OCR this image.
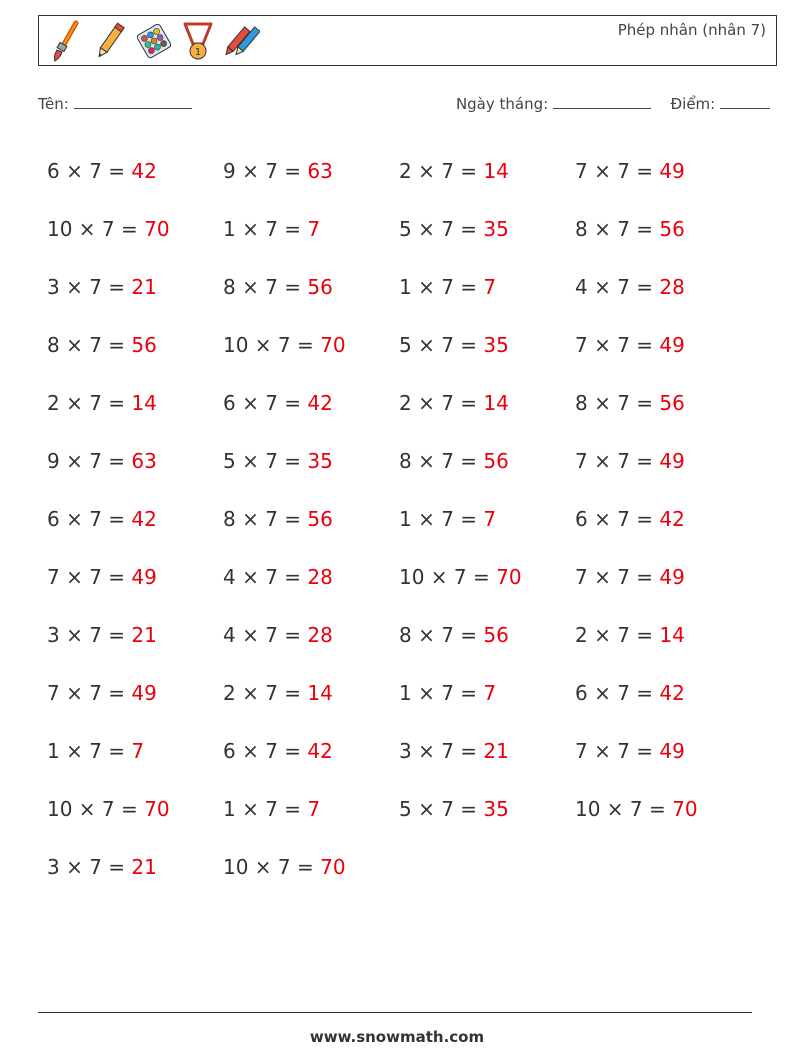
1
Phép nhân (nhân 7)
Tên:	Ngày tháng:	Điểm:
6 × 7 = 42	9 × 7 = 63	2 × 7 = 14	7 × 7 = 49
10 × 7 = 70	1 × 7 = 7	5 × 7 = 35	8 × 7 = 56
3 × 7 = 21	8 × 7 = 56	1 × 7 = 7	4 × 7 = 28
8 × 7 = 56	10 × 7 = 70	5 × 7 = 35	7 × 7 = 49
2 × 7 = 14	6 × 7 = 42	2 × 7 = 14	8 × 7 = 56
9 × 7 = 63	5 × 7 = 35	8 × 7 = 56	7 × 7 = 49
6 × 7 = 42	8 × 7 = 56	1 × 7 = 7	6 × 7 = 42
7 × 7 = 49	4 × 7 = 28	10 × 7 = 70	7 × 7 = 49
3 × 7 = 21	4 × 7 = 28	8 × 7 = 56	2 × 7 = 14
7 × 7 = 49	2 × 7 = 14	1 × 7 = 7	6 × 7 = 42
1 × 7 = 7	6 × 7 = 42	3 × 7 = 21	7 × 7 = 49
10 × 7 = 70	1 × 7 = 7	5 × 7 = 35	10 × 7 = 70
3 × 7 = 21	10 × 7 = 70
www.snowmath.com
